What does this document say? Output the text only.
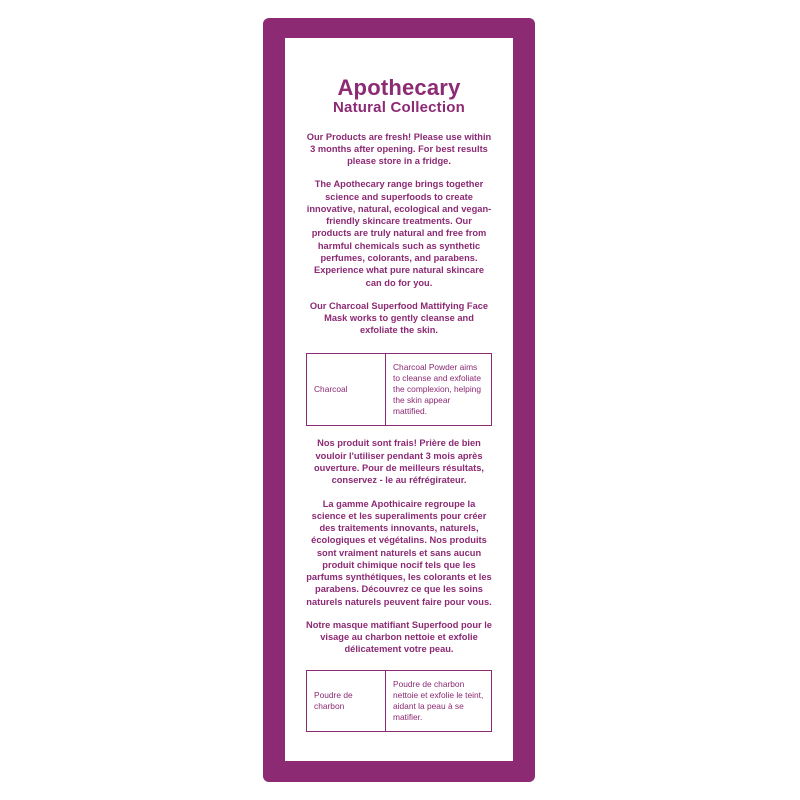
Apothecary
Natural Collection

Our Products are fresh! Please use within 3 months after opening. For best results please store in a fridge.

The Apothecary range brings together science and superfoods to create innovative, natural, ecological and vegan-friendly skincare treatments. Our products are truly natural and free from harmful chemicals such as synthetic perfumes, colorants, and parabens. Experience what pure natural skincare can do for you.

Our Charcoal Superfood Mattifying Face Mask works to gently cleanse and exfoliate the skin.

Charcoal	Charcoal Powder aims to cleanse and exfoliate the complexion, helping the skin appear mattified.

Nos produit sont frais! Prière de bien vouloir l'utiliser pendant 3 mois après ouverture. Pour de meilleurs résultats, conservez - le au réfrégirateur.

La gamme Apothicaire regroupe la science et les superaliments pour créer des traitements innovants, naturels, écologiques et végétalins. Nos produits sont vraiment naturels et sans aucun produit chimique nocif tels que les parfums synthétiques, les colorants et les parabens. Découvrez ce que les soins naturels naturels peuvent faire pour vous.

Notre masque matifiant Superfood pour le visage au charbon nettoie et exfolie délicatement votre peau.

Poudre de charbon	Poudre de charbon nettoie et exfolie le teint, aidant la peau à se matifier.
